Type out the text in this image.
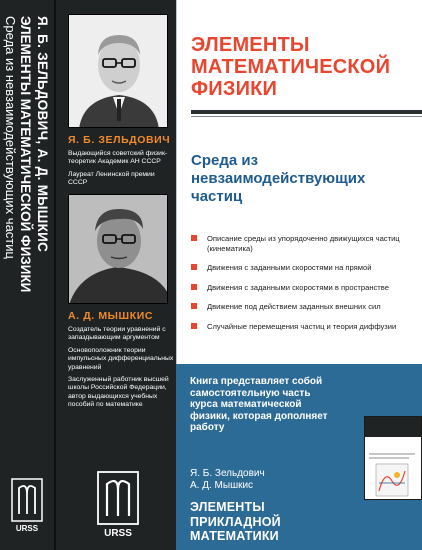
Я. Б. ЗЕЛЬДОВИЧ, А. Д. МЫШКИС
ЭЛЕМЕНТЫ МАТЕМАТИЧЕСКОЙ ФИЗИКИ
Среда из невзаимодействующих частиц
URSS
Я. Б. ЗЕЛЬДОВИЧ

Выдающийся советский физик-теоретик Академик АН СССР

Лауреат Ленинской премии СССР

А. Д. МЫШКИС

Создатель теории уравнений с запаздывающим аргументом

Основоположник теории импульсных дифференциальных уравнений

Заслуженный работник высшей школы Российской Федерации, автор выдающихся учебных пособий по математике

URSS
ЭЛЕМЕНТЫ МАТЕМАТИЧЕСКОЙ ФИЗИКИ
Среда из невзаимодействующих частиц
Описание среды из упорядоченно движущихся частиц (кинематика)
Движения с заданными скоростями на прямой
Движения с заданными скоростями в пространстве
Движение под действием заданных внешних сил
Случайные перемещения частиц и теория диффузии
Книга представляет собой самостоятельную часть курса математической физики, которая дополняет работу
Я. Б. Зельдович
А. Д. Мышкис
ЭЛЕМЕНТЫ ПРИКЛАДНОЙ МАТЕМАТИКИ
